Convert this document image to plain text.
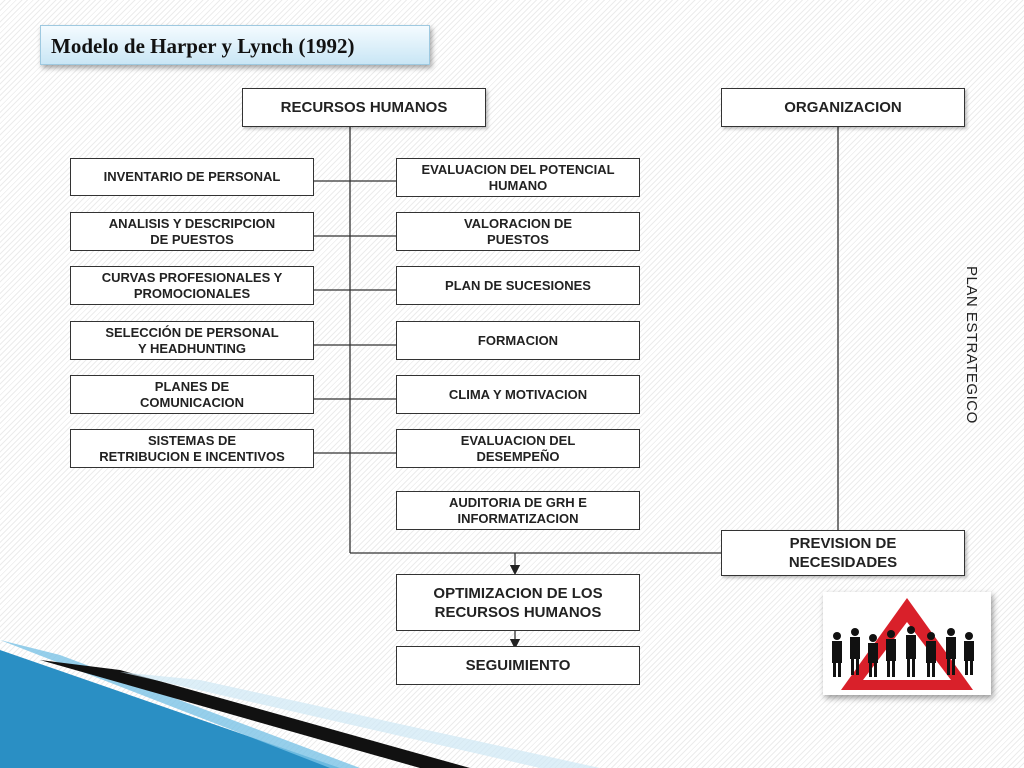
Modelo de Harper y Lynch (1992)
RECURSOS HUMANOS	ORGANIZACION
INVENTARIO DE PERSONAL
ANALISIS Y DESCRIPCION
DE PUESTOS
CURVAS PROFESIONALES Y
PROMOCIONALES
SELECCIÓN DE PERSONAL
Y HEADHUNTING
PLANES DE
COMUNICACION
SISTEMAS DE
RETRIBUCION E INCENTIVOS
EVALUACION DEL POTENCIAL
HUMANO
VALORACION DE
PUESTOS
PLAN DE SUCESIONES
FORMACION
CLIMA Y MOTIVACION
EVALUACION DEL
DESEMPEÑO
AUDITORIA DE GRH E
INFORMATIZACION
PREVISION DE
NECESIDADES
OPTIMIZACION DE LOS
RECURSOS HUMANOS
SEGUIMIENTO
PLAN ESTRATEGICO
